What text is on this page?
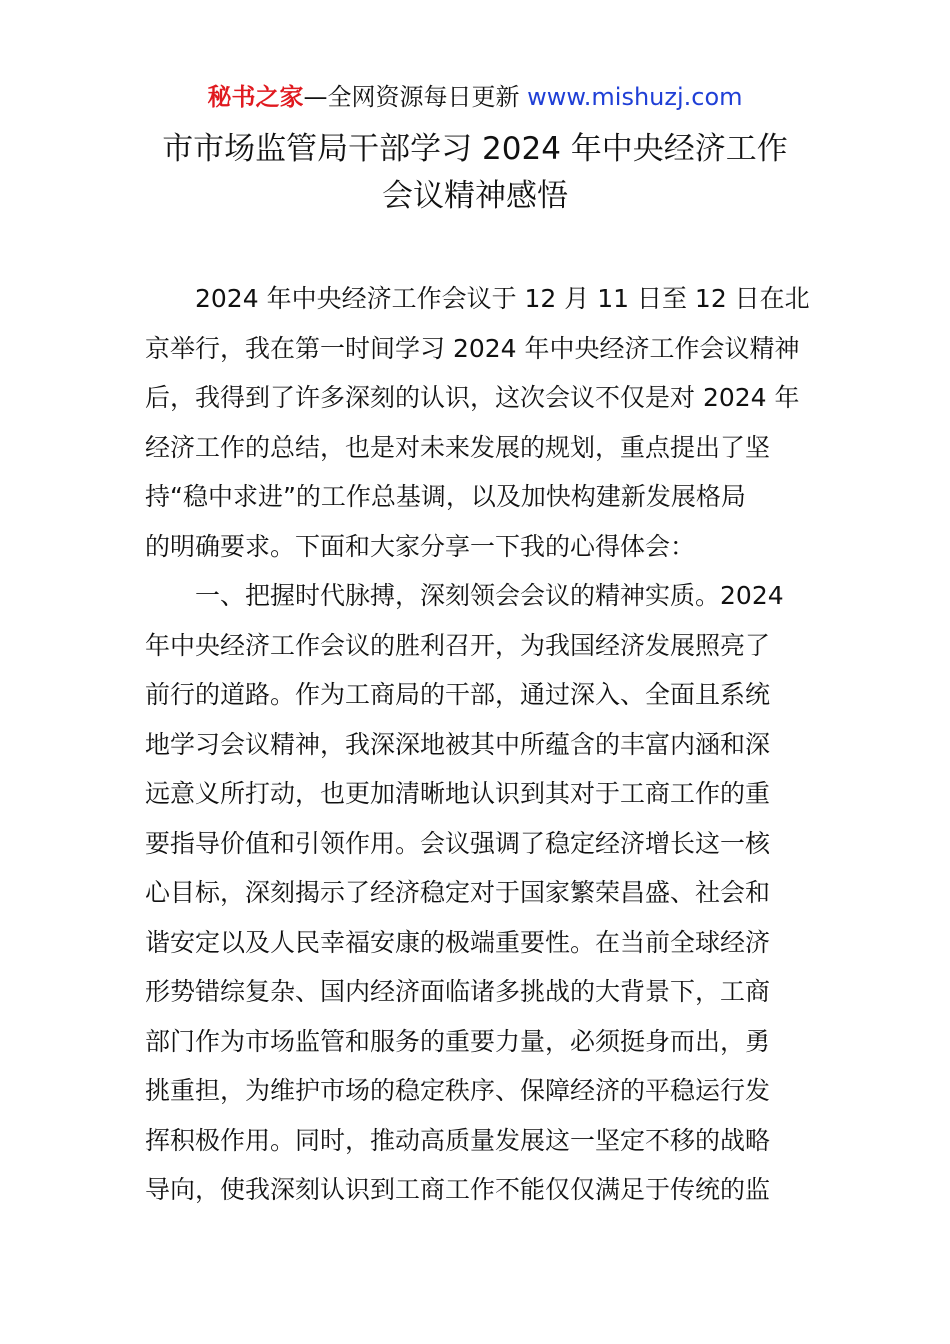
秘书之家—全网资源每日更新 www.mishuzj.com
市市场监管局干部学习 2024 年中央经济工作
会议精神感悟
　　2024 年中央经济工作会议于 12 月 11 日至 12 日在北
京举行，我在第一时间学习 2024 年中央经济工作会议精神
后，我得到了许多深刻的认识，这次会议不仅是对 2024 年
经济工作的总结，也是对未来发展的规划，重点提出了坚
持“稳中求进”的工作总基调，以及加快构建新发展格局
的明确要求。下面和大家分享一下我的心得体会：
　　一、把握时代脉搏，深刻领会会议的精神实质。2024
年中央经济工作会议的胜利召开，为我国经济发展照亮了
前行的道路。作为工商局的干部，通过深入、全面且系统
地学习会议精神，我深深地被其中所蕴含的丰富内涵和深
远意义所打动，也更加清晰地认识到其对于工商工作的重
要指导价值和引领作用。会议强调了稳定经济增长这一核
心目标，深刻揭示了经济稳定对于国家繁荣昌盛、社会和
谐安定以及人民幸福安康的极端重要性。在当前全球经济
形势错综复杂、国内经济面临诸多挑战的大背景下，工商
部门作为市场监管和服务的重要力量，必须挺身而出，勇
挑重担，为维护市场的稳定秩序、保障经济的平稳运行发
挥积极作用。同时，推动高质量发展这一坚定不移的战略
导向，使我深刻认识到工商工作不能仅仅满足于传统的监
